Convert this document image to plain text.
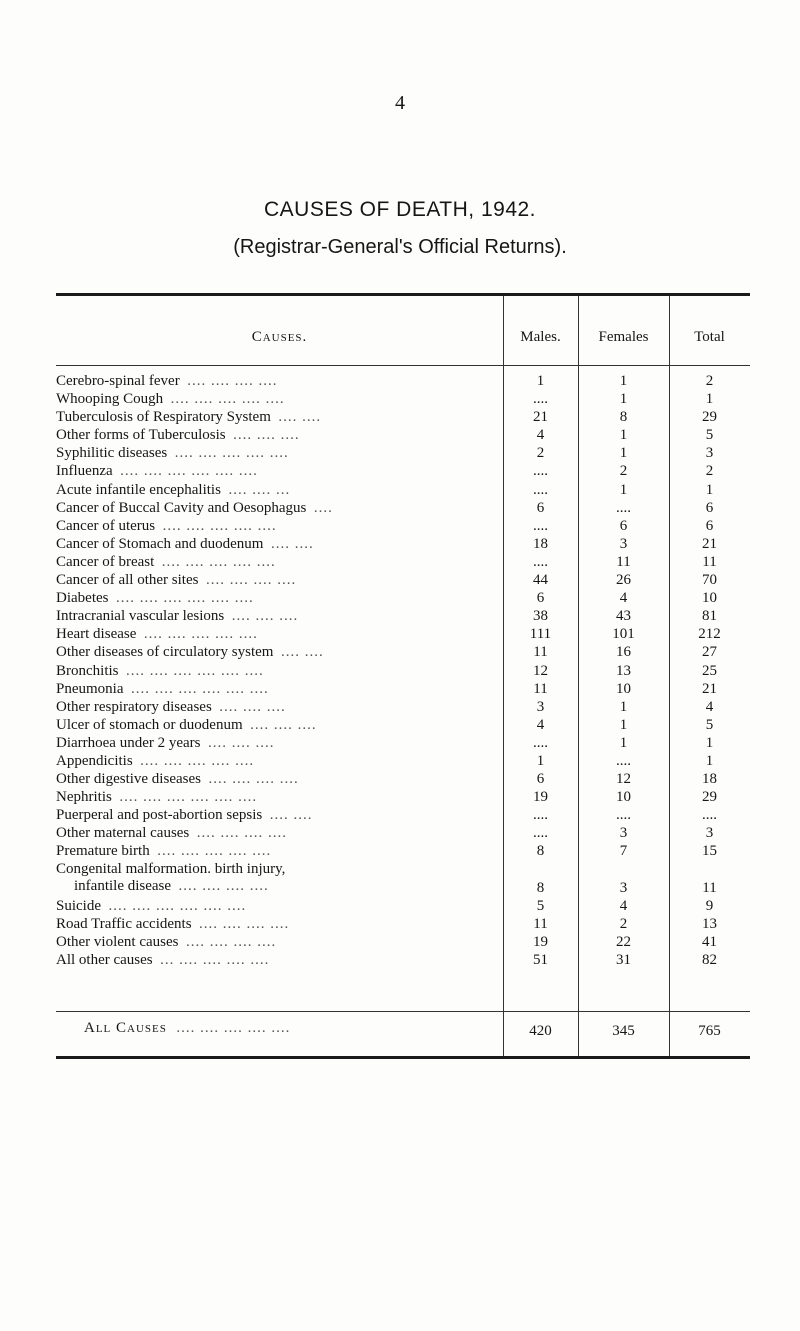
4
CAUSES OF DEATH, 1942.
(Registrar-General's Official Returns).
Causes.	Males.	Females	Total
Cerebro-spinal fever .... .... .... ....	1	1	2
Whooping Cough .... .... .... .... ....	....	1	1
Tuberculosis of Respiratory System .... ....	21	8	29
Other forms of Tuberculosis .... .... ....	4	1	5
Syphilitic diseases .... .... .... .... ....	2	1	3
Influenza .... .... .... .... .... ....	....	2	2
Acute infantile encephalitis .... .... ...	....	1	1
Cancer of Buccal Cavity and Oesophagus ....	6	....	6
Cancer of uterus .... .... .... .... ....	....	6	6
Cancer of Stomach and duodenum .... ....	18	3	21
Cancer of breast .... .... .... .... ....	....	11	11
Cancer of all other sites .... .... .... ....	44	26	70
Diabetes .... .... .... .... .... ....	6	4	10
Intracranial vascular lesions .... .... ....	38	43	81
Heart disease .... .... .... .... ....	111	101	212
Other diseases of circulatory system .... ....	11	16	27
Bronchitis .... .... .... .... .... ....	12	13	25
Pneumonia .... .... .... .... .... ....	11	10	21
Other respiratory diseases .... .... ....	3	1	4
Ulcer of stomach or duodenum .... .... ....	4	1	5
Diarrhoea under 2 years .... .... ....	....	1	1
Appendicitis .... .... .... .... ....	1	....	1
Other digestive diseases .... .... .... ....	6	12	18
Nephritis .... .... .... .... .... ....	19	10	29
Puerperal and post-abortion sepsis .... ....	....	....	....
Other maternal causes .... .... .... ....	....	3	3
Premature birth .... .... .... .... ....	8	7	15
Congenital malformation. birth injury,
infantile disease .... .... .... ....	8	3	11
Suicide .... .... .... .... .... ....	5	4	9
Road Traffic accidents .... .... .... ....	11	2	13
Other violent causes .... .... .... ....	19	22	41
All other causes ... .... .... .... ....	51	31	82
All Causes .... .... .... .... ....	420	345	765
